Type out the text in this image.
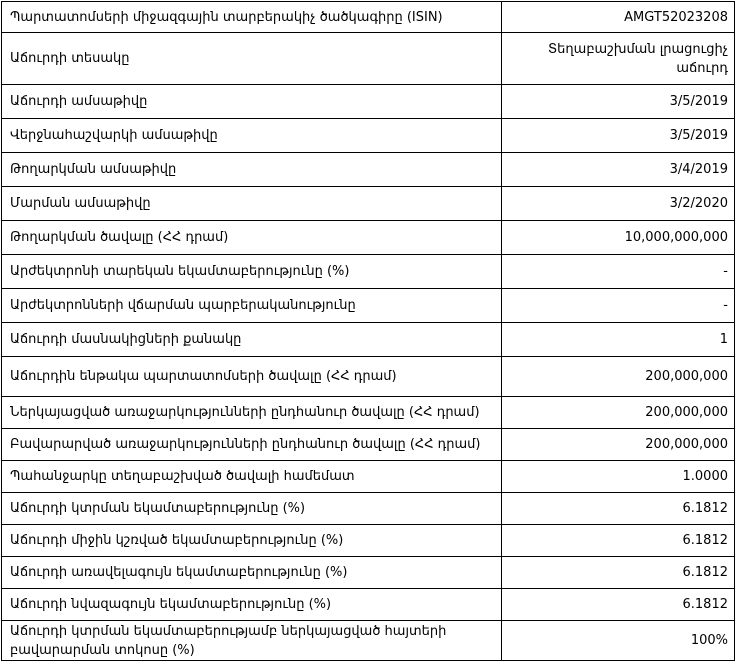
Պարտատոմսերի միջազգային տարբերակիչ ծածկագիրը (ISIN)	AMGT52023208
Աճուրդի տեսակը	Տեղաբաշխման լրացուցիչ աճուրդ
Աճուրդի ամսաթիվը	3/5/2019
Վերջնահաշվարկի ամսաթիվը	3/5/2019
Թողարկման ամսաթիվը	3/4/2019
Մարման ամսաթիվը	3/2/2020
Թողարկման ծավալը (ՀՀ դրամ)	10,000,000,000
Արժեկտրոնի տարեկան եկամտաբերությունը (%)	-
Արժեկտրոնների վճարման պարբերականությունը	-
Աճուրդի մասնակիցների քանակը	1
Աճուրդին ենթակա պարտատոմսերի ծավալը (ՀՀ դրամ)	200,000,000
Ներկայացված առաջարկությունների ընդհանուր ծավալը (ՀՀ դրամ)	200,000,000
Բավարարված առաջարկությունների ընդհանուր ծավալը (ՀՀ դրամ)	200,000,000
Պահանջարկը տեղաբաշխված ծավալի համեմատ	1.0000
Աճուրդի կտրման եկամտաբերությունը (%)	6.1812
Աճուրդի միջին կշռված եկամտաբերությունը (%)	6.1812
Աճուրդի առավելագույն եկամտաբերությունը (%)	6.1812
Աճուրդի նվազագույն եկամտաբերությունը (%)	6.1812
Աճուրդի կտրման եկամտաբերությամբ ներկայացված հայտերի բավարարման տոկոսը (%)	100%
